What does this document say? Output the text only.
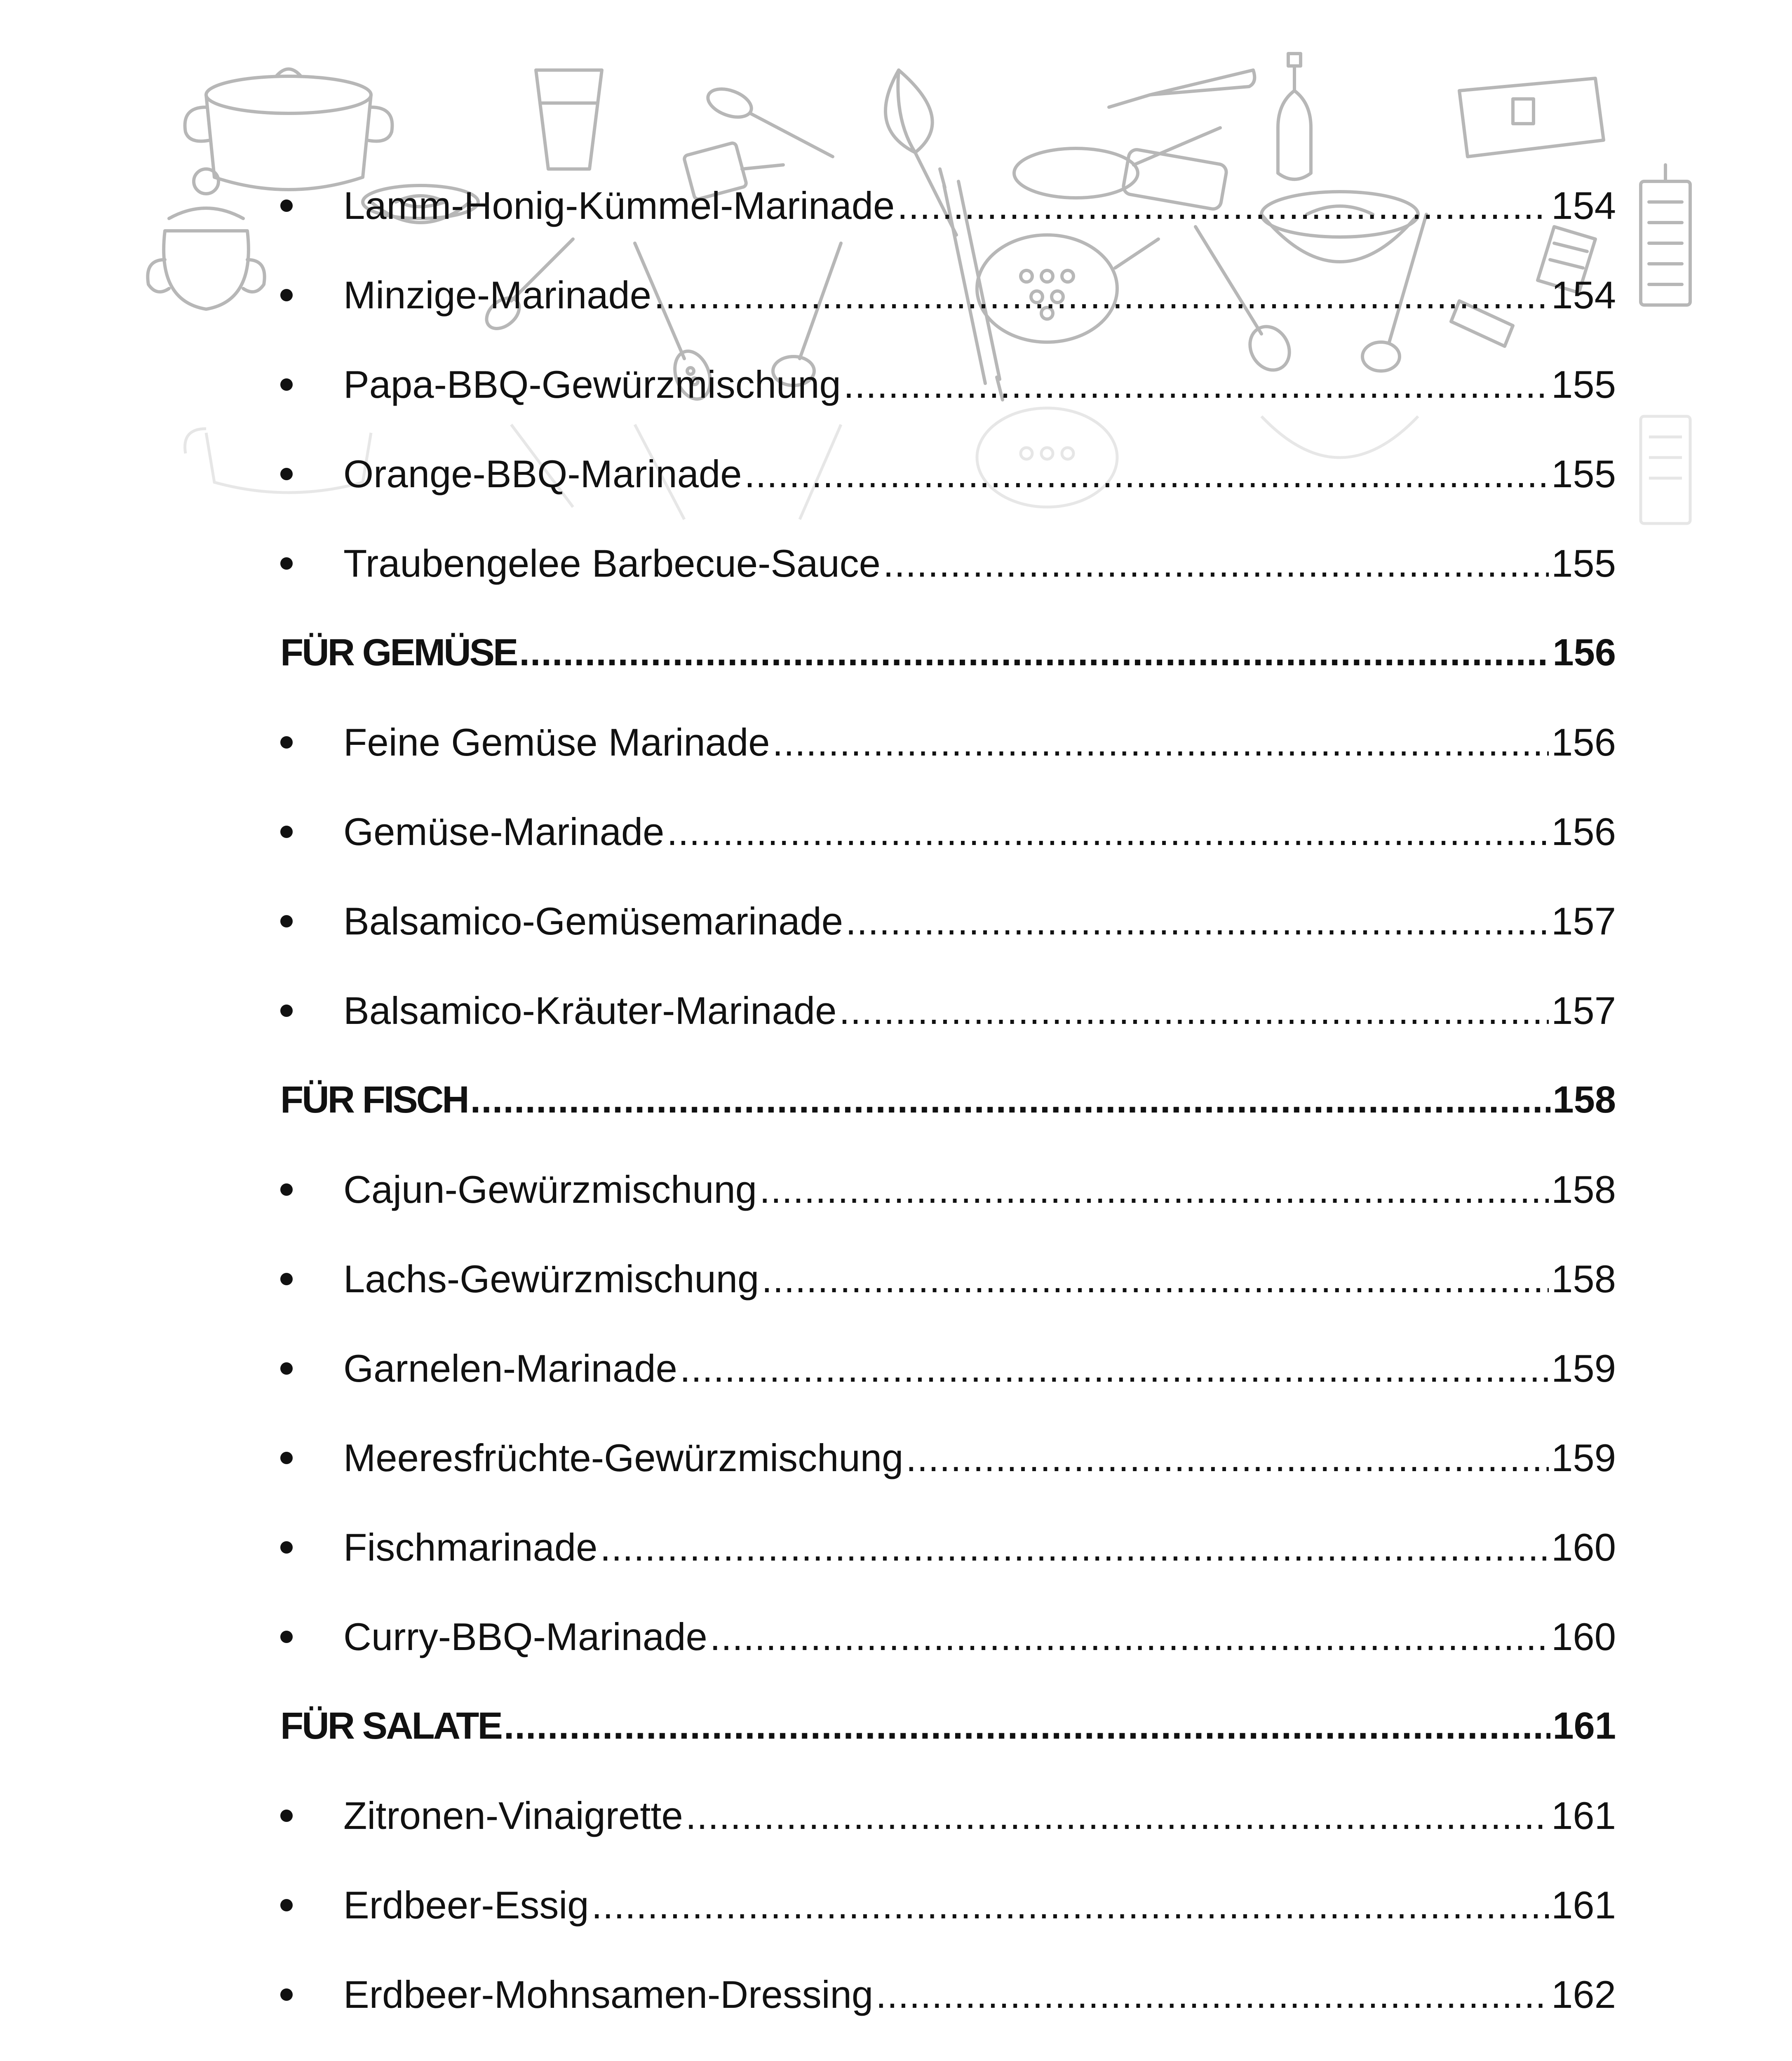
Lamm-Honig-Kümmel-Marinade .....	154
Minzige-Marinade .....	154
Papa-BBQ-Gewürzmischung .....	155
Orange-BBQ-Marinade .....	155
Traubengelee Barbecue-Sauce .....	155
FÜR GEMÜSE .....	156
Feine Gemüse Marinade .....	156
Gemüse-Marinade .....	156
Balsamico-Gemüsemarinade .....	157
Balsamico-Kräuter-Marinade .....	157
FÜR FISCH .....	158
Cajun-Gewürzmischung .....	158
Lachs-Gewürzmischung .....	158
Garnelen-Marinade .....	159
Meeresfrüchte-Gewürzmischung .....	159
Fischmarinade .....	160
Curry-BBQ-Marinade .....	160
FÜR SALATE .....	161
Zitronen-Vinaigrette .....	161
Erdbeer-Essig .....	161
Erdbeer-Mohnsamen-Dressing .....	162
.....
